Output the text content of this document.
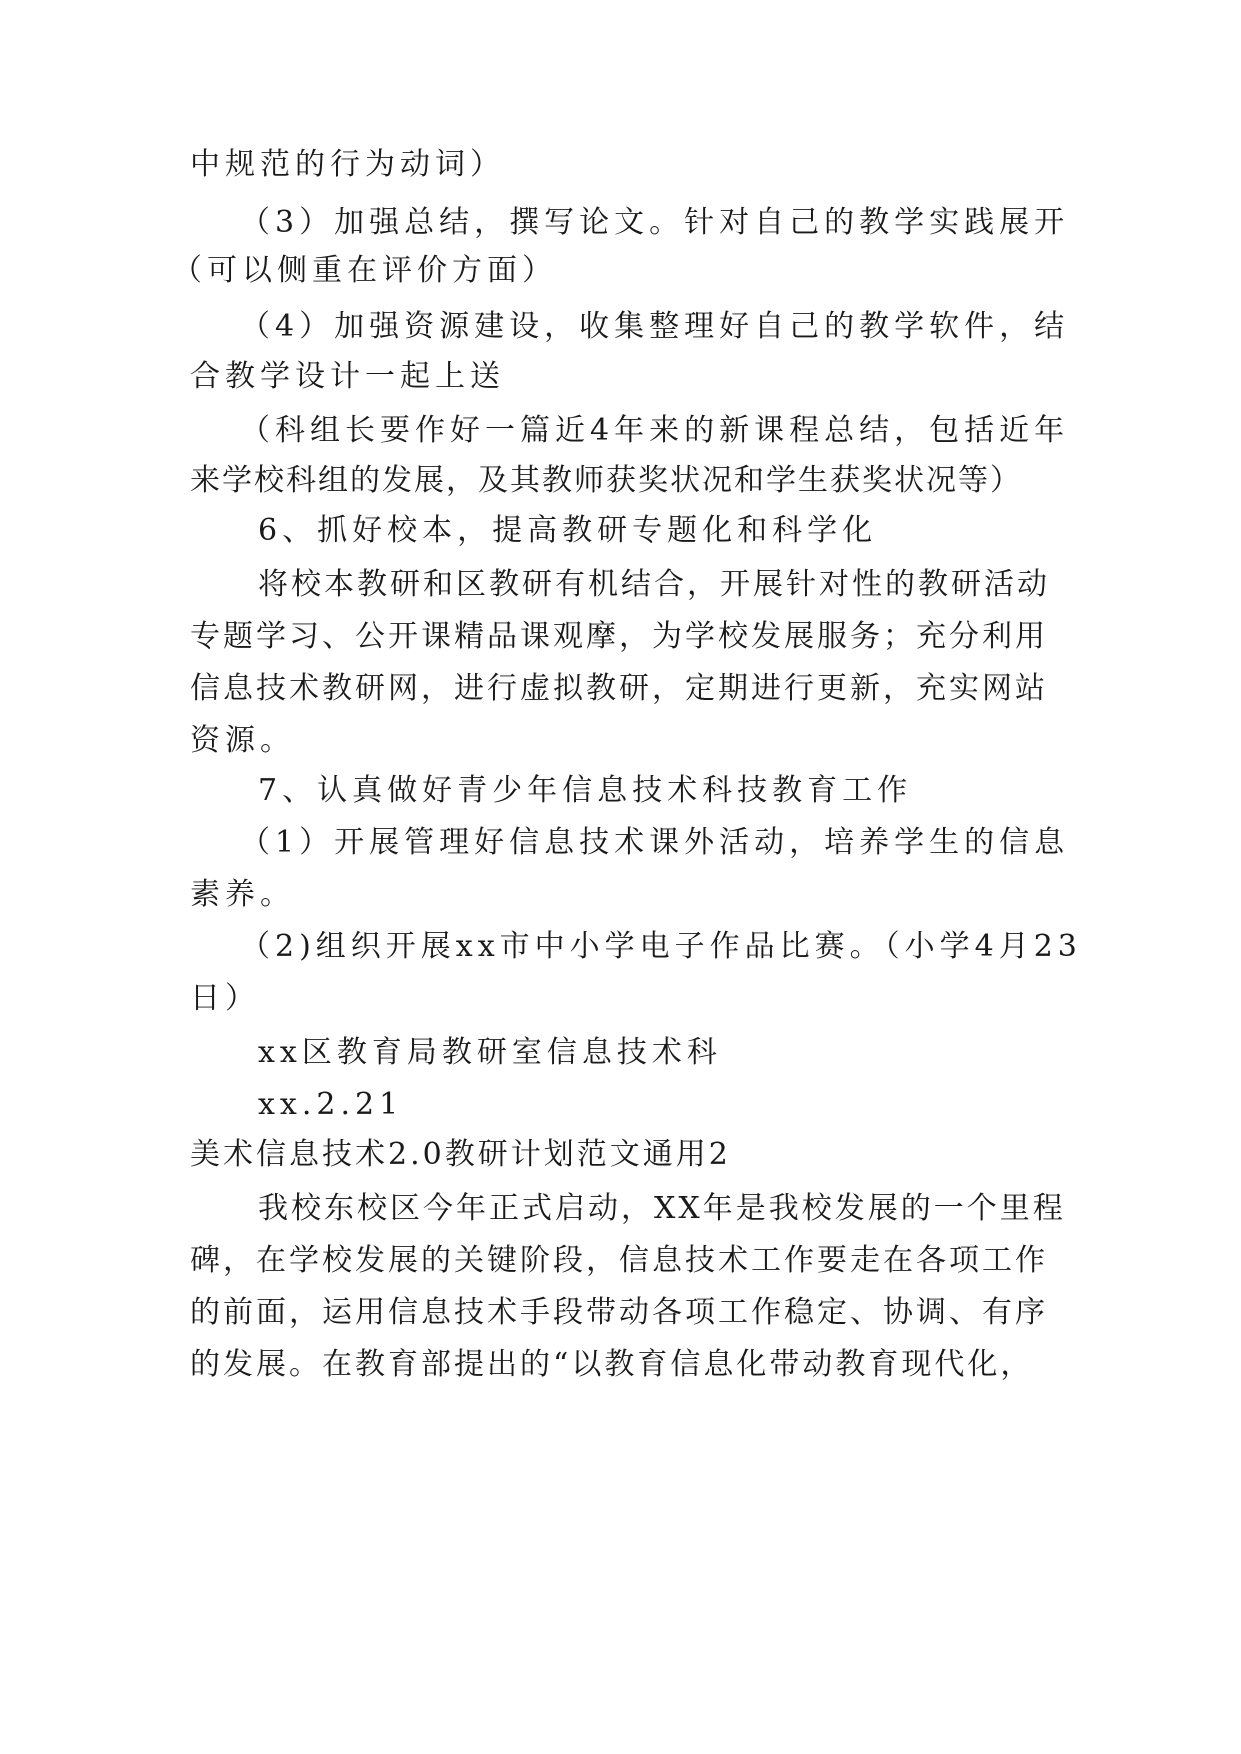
中规范的行为动词）
（3）加强总结，撰写论文。针对自己的教学实践展开
（可以侧重在评价方面）
（4）加强资源建设，收集整理好自己的教学软件，结
合教学设计一起上送
（科组长要作好一篇近4年来的新课程总结，包括近年
来学校科组的发展，及其教师获奖状况和学生获奖状况等）
6、抓好校本，提高教研专题化和科学化
将校本教研和区教研有机结合，开展针对性的教研活动
专题学习、公开课精品课观摩，为学校发展服务；充分利用
信息技术教研网，进行虚拟教研，定期进行更新，充实网站
资源。
7、认真做好青少年信息技术科技教育工作
（1）开展管理好信息技术课外活动，培养学生的信息
素养。
（2)组织开展xx市中小学电子作品比赛。（小学4月23
日）
xx区教育局教研室信息技术科
xx.2.21
美术信息技术2.0教研计划范文通用2
我校东校区今年正式启动，XX年是我校发展的一个里程
碑，在学校发展的关键阶段，信息技术工作要走在各项工作
的前面，运用信息技术手段带动各项工作稳定、协调、有序
的发展。在教育部提出的“以教育信息化带动教育现代化，
